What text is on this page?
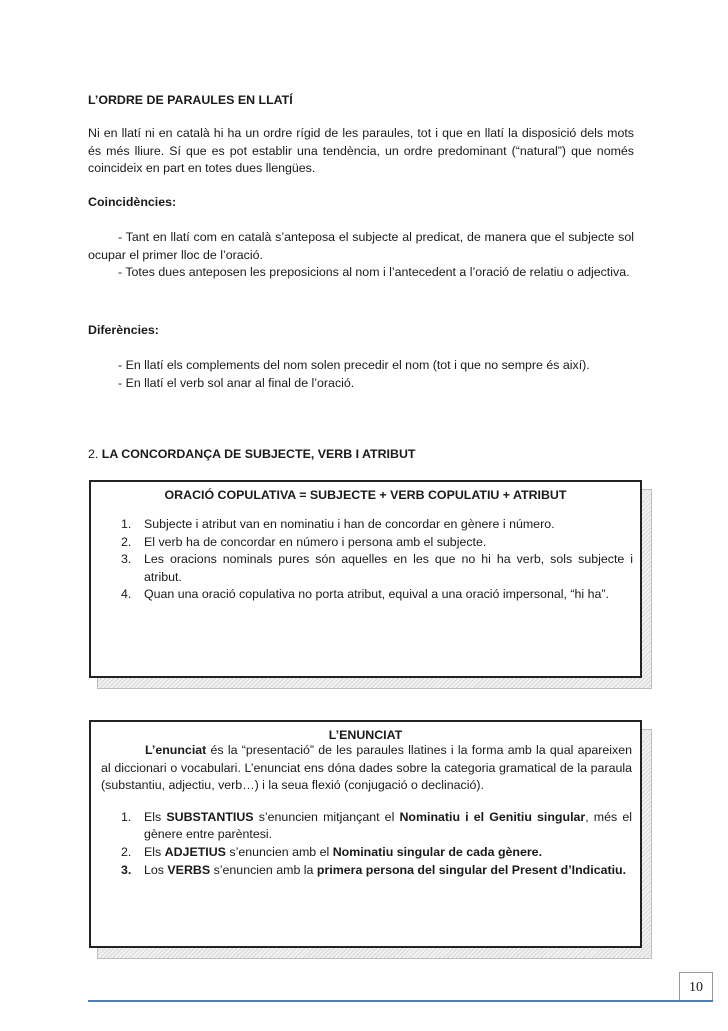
L’ORDRE DE PARAULES EN LLATÍ
Ni en llatí ni en català hi ha un ordre rígid de les paraules, tot i que en llatí la disposició dels mots és més lliure. Sí que es pot establir una tendència, un ordre predominant (“natural”) que només coincideix en part en totes dues llengües.
Coincidències:

- Tant en llatí com en català s’anteposa el subjecte al predicat, de manera que el subjecte sol ocupar el primer lloc de l’oració.

- Totes dues anteposen les preposicions al nom i l’antecedent a l’oració de relatiu o adjectiva.

Diferències:

- En llatí els complements del nom solen precedir el nom (tot i que no sempre és així).

- En llatí el verb sol anar al final de l’oració.

2. LA CONCORDANÇA DE SUBJECTE, VERB I ATRIBUT
ORACIÓ COPULATIVA = SUBJECTE + VERB COPULATIU + ATRIBUT
1. Subjecte i atribut van en nominatiu i han de concordar en gènere i número.
2. El verb ha de concordar en número i persona amb el subjecte.
3. Les oracions nominals pures són aquelles en les que no hi ha verb, sols subjecte i atribut.
4. Quan una oració copulativa no porta atribut, equival a una oració impersonal, “hi ha”.
L’ENUNCIAT
L’enunciat és la “presentació” de les paraules llatines i la forma amb la qual apareixen al diccionari o vocabulari. L’enunciat ens dóna dades sobre la categoria gramatical de la paraula (substantiu, adjectiu, verb…) i la seua flexió (conjugació o declinació).
1. Els SUBSTANTIUS s’enuncien mitjançant el Nominatiu i el Genitiu singular, més el gènere entre parèntesi.
2. Els ADJETIUS s’enuncien amb el Nominatiu singular de cada gènere.
3. Los VERBS s’enuncien amb la primera persona del singular del Present d’Indicatiu.
10
